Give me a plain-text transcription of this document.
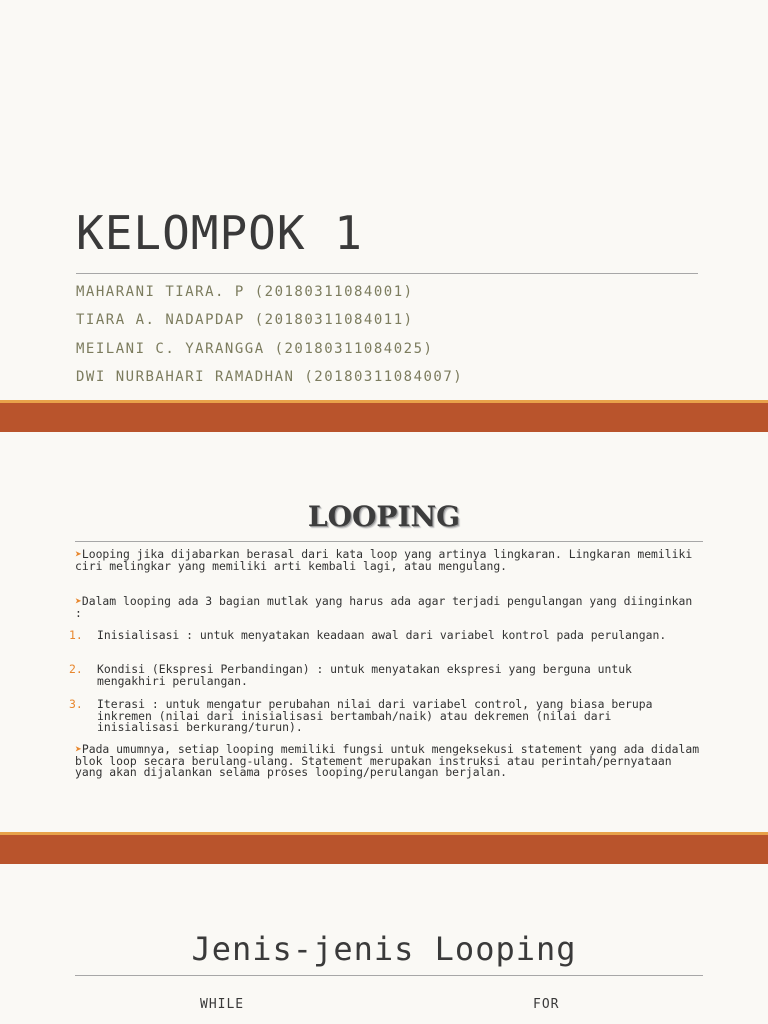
KELOMPOK 1
MAHARANI TIARA. P (20180311084001)
TIARA A. NADAPDAP (20180311084011)
MEILANI C. YARANGGA (20180311084025)
DWI NURBAHARI RAMADHAN (20180311084007)
LOOPING
➤Looping jika dijabarkan berasal dari kata loop yang artinya lingkaran. Lingkaran memiliki ciri melingkar yang memiliki arti kembali lagi, atau mengulang.
➤Dalam looping ada 3 bagian mutlak yang harus ada agar terjadi pengulangan yang diinginkan :
1. Inisialisasi : untuk menyatakan keadaan awal dari variabel kontrol pada perulangan.
2. Kondisi (Ekspresi Perbandingan) : untuk menyatakan ekspresi yang berguna untuk mengakhiri perulangan.
3. Iterasi : untuk mengatur perubahan nilai dari variabel control, yang biasa berupa inkremen (nilai dari inisialisasi bertambah/naik) atau dekremen (nilai dari inisialisasi berkurang/turun).
➤Pada umumnya, setiap looping memiliki fungsi untuk mengeksekusi statement yang ada didalam blok loop secara berulang-ulang. Statement merupakan instruksi atau perintah/pernyataan yang akan dijalankan selama proses looping/perulangan berjalan.
Jenis-jenis Looping
WHILE	FOR
